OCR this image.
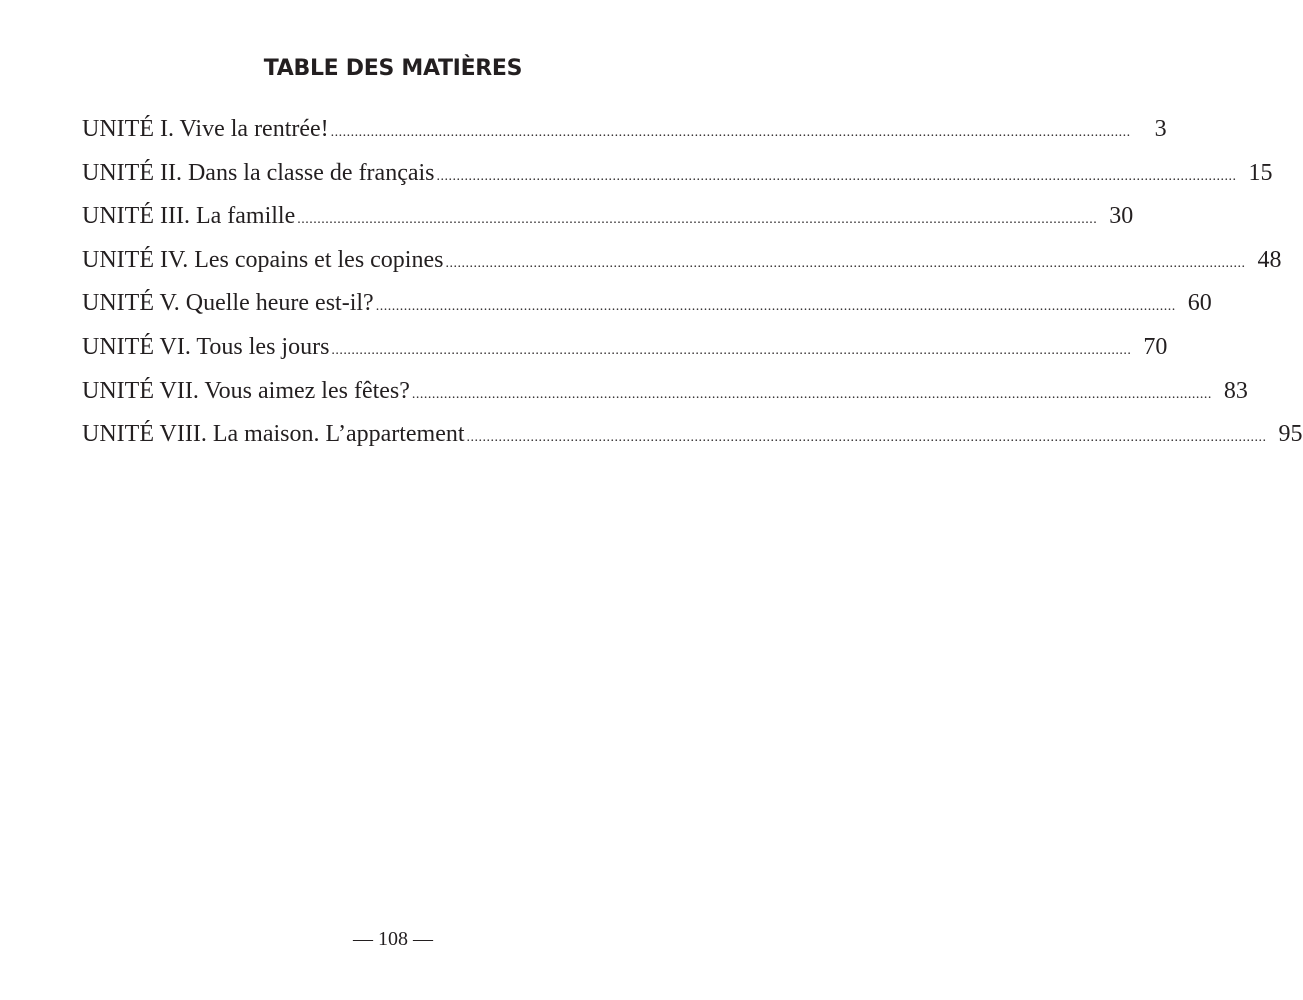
TABLE DES MATIÈRES
UNITÉ I. Vive la rentrée! ........................................................................................................................................................................................................	3
UNITÉ II. Dans la classe de français ........................................................................................................................................................................................................ 15
UNITÉ III. La famille ........................................................................................................................................................................................................ 30
UNITÉ IV. Les copains et les copines ........................................................................................................................................................................................................ 48
UNITÉ V. Quelle heure est-il? ........................................................................................................................................................................................................ 60
UNITÉ VI. Tous les jours ........................................................................................................................................................................................................ 70
UNITÉ VII. Vous aimez les fêtes? ........................................................................................................................................................................................................ 83
UNITÉ VIII. La maison. L’appartement ........................................................................................................................................................................................................ 95

— 108 —
